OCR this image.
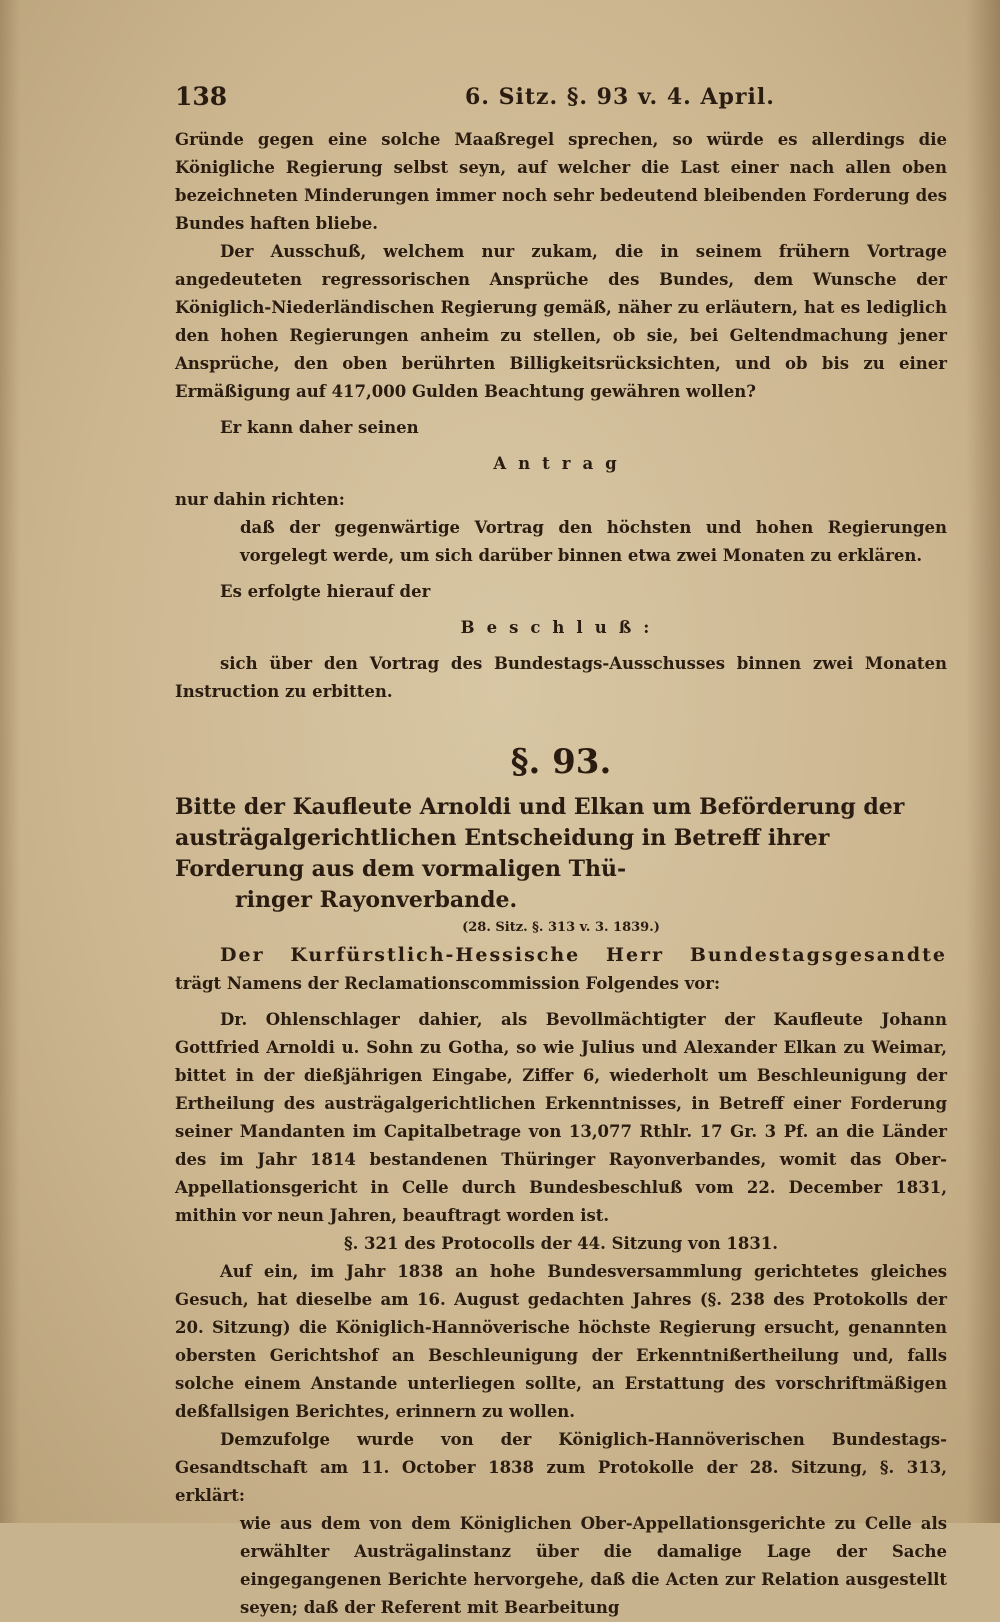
138	6. Sitz. §. 93 v. 4. April.

Gründe gegen eine solche Maaßregel sprechen, so würde es allerdings die Königliche Regierung selbst seyn, auf welcher die Last einer nach allen oben bezeichneten Minderungen immer noch sehr bedeutend bleibenden Forderung des Bundes haften bliebe.

Der Ausschuß, welchem nur zukam, die in seinem frühern Vortrage angedeuteten regressorischen Ansprüche des Bundes, dem Wunsche der Königlich-Niederländischen Regierung gemäß, näher zu erläutern, hat es lediglich den hohen Regierungen anheim zu stellen, ob sie, bei Geltendmachung jener Ansprüche, den oben berührten Billigkeitsrücksichten, und ob bis zu einer Ermäßigung auf 417,000 Gulden Beachtung gewähren wollen?

Er kann daher seinen

Antrag

nur dahin richten:

daß der gegenwärtige Vortrag den höchsten und hohen Regierungen vorgelegt werde, um sich darüber binnen etwa zwei Monaten zu erklären.

Es erfolgte hierauf der

Beschluß:

sich über den Vortrag des Bundestags-Ausschusses binnen zwei Monaten Instruction zu erbitten.

§. 93.

Bitte der Kaufleute Arnoldi und Elkan um Beförderung der austrägalgerichtlichen Entscheidung in Betreff ihrer Forderung aus dem vormaligen Thü-

ringer Rayonverbande.

(28. Sitz. §. 313 v. 3. 1839.)

Der Kurfürstlich-Hessische Herr Bundestagsgesandte trägt Namens der Reclamationscommission Folgendes vor:

Dr. Ohlenschlager dahier, als Bevollmächtigter der Kaufleute Johann Gottfried Arnoldi u. Sohn zu Gotha, so wie Julius und Alexander Elkan zu Weimar, bittet in der dießjährigen Eingabe, Ziffer 6, wiederholt um Beschleunigung der Ertheilung des austrägalgerichtlichen Erkenntnisses, in Betreff einer Forderung seiner Mandanten im Capitalbetrage von 13,077 Rthlr. 17 Gr. 3 Pf. an die Länder des im Jahr 1814 bestandenen Thüringer Rayonverbandes, womit das Ober-Appellationsgericht in Celle durch Bundesbeschluß vom 22. December 1831, mithin vor neun Jahren, beauftragt worden ist.

§. 321 des Protocolls der 44. Sitzung von 1831.

Auf ein, im Jahr 1838 an hohe Bundesversammlung gerichtetes gleiches Gesuch, hat dieselbe am 16. August gedachten Jahres (§. 238 des Protokolls der 20. Sitzung) die Königlich-Hannöverische höchste Regierung ersucht, genannten obersten Gerichtshof an Beschleunigung der Erkenntnißertheilung und, falls solche einem Anstande unterliegen sollte, an Erstattung des vorschriftmäßigen deßfallsigen Berichtes, erinnern zu wollen.

Demzufolge wurde von der Königlich-Hannöverischen Bundestags-Gesandtschaft am 11. October 1838 zum Protokolle der 28. Sitzung, §. 313, erklärt:

wie aus dem von dem Königlichen Ober-Appellationsgerichte zu Celle als erwählter Austrägalinstanz über die damalige Lage der Sache eingegangenen Berichte hervorgehe, daß die Acten zur Relation ausgestellt seyen; daß der Referent mit Bearbeitung
